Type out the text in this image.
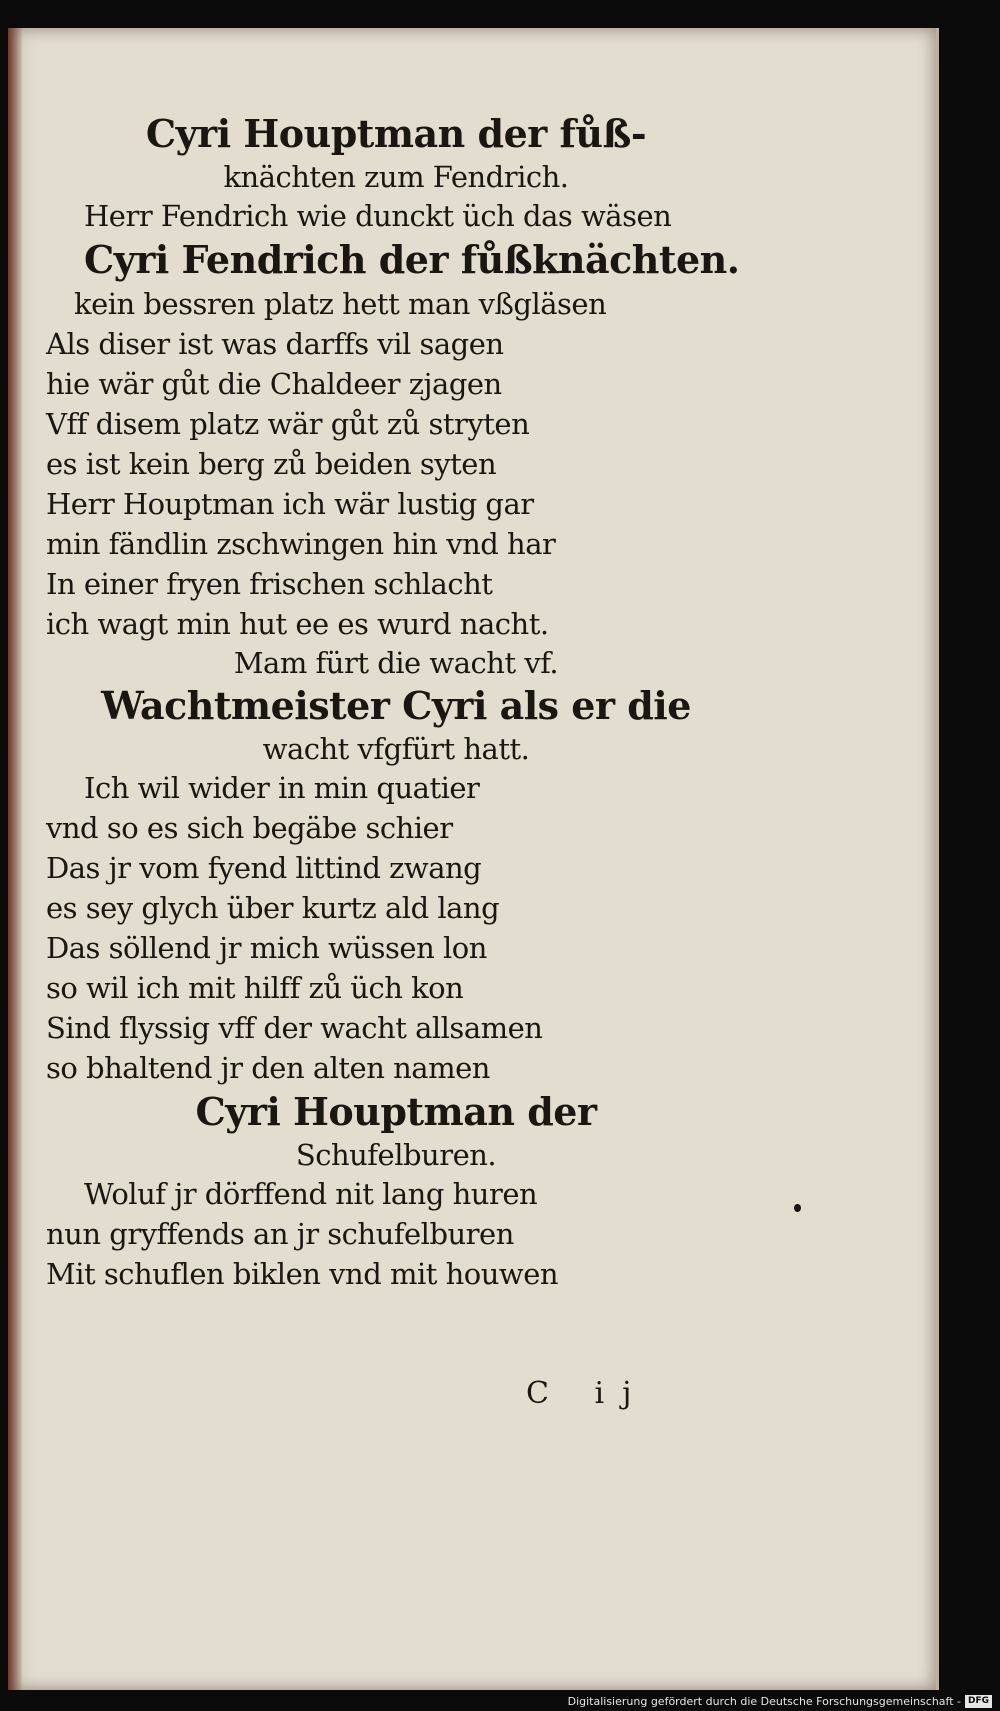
Cyri Houptman der fůß-
knächten zum Fendrich.
Herr Fendrich wie dunckt üch das wäsen
Cyri Fendrich der fůßknächten.
kein bessren platz hett man vßgläsen
Als diser ist was darffs vil sagen
hie wär gůt die Chaldeer zjagen
Vff disem platz wär gůt zů stryten
es ist kein berg zů beiden syten
Herr Houptman ich wär lustig gar
min fändlin zschwingen hin vnd har
In einer fryen frischen schlacht
ich wagt min hut ee es wurd nacht.
Mam fürt die wacht vf.
Wachtmeister Cyri als er die
wacht vfgfürt hatt.
Ich wil wider in min quatier
vnd so es sich begäbe schier
Das jr vom fyend littind zwang
es sey glych über kurtz ald lang
Das söllend jr mich wüssen lon
so wil ich mit hilff zů üch kon
Sind flyssig vff der wacht allsamen
so bhaltend jr den alten namen
Cyri Houptman der
Schufelburen.
Woluf jr dörffend nit lang huren
nun gryffends an jr schufelburen
Mit schuflen biklen vnd mit houwen
C ij
Digitalisierung gefördert durch die Deutsche Forschungsgemeinschaft - DFG
